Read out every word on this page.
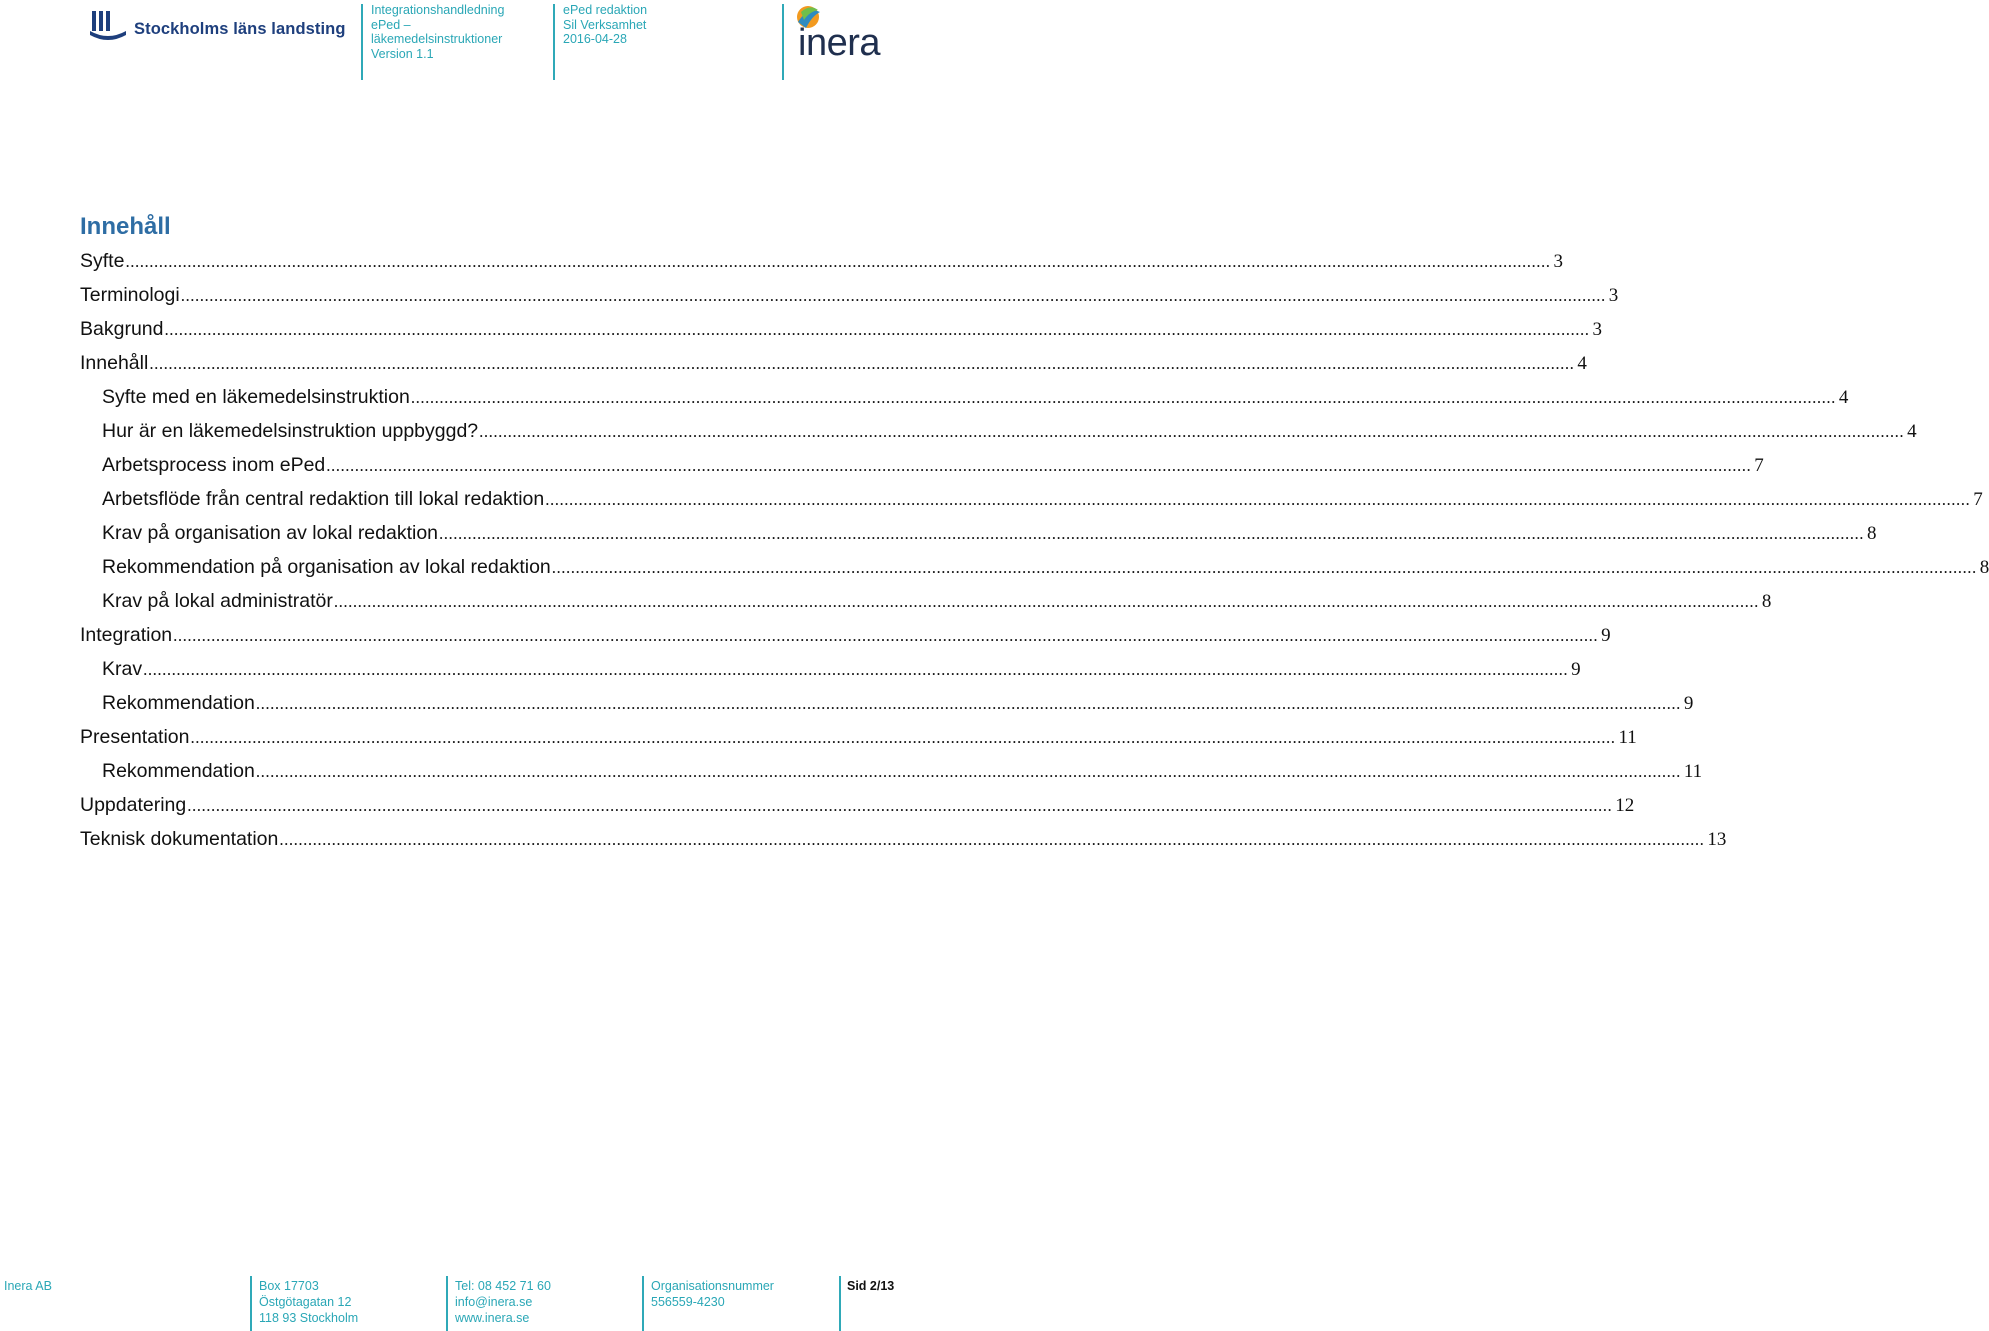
Stockholms läns landsting
Integrationshandledning
ePed –
läkemedelsinstruktioner
Version 1.1
ePed redaktion
Sil Verksamhet
2016-04-28	inera
Innehåll
Syfte ............................................................................................................................................................................................................................................................................................................ 3
Terminologi ............................................................................................................................................................................................................................................................................................................ 3
Bakgrund ............................................................................................................................................................................................................................................................................................................ 3
Innehåll ............................................................................................................................................................................................................................................................................................................ 4
Syfte med en läkemedelsinstruktion ............................................................................................................................................................................................................................................................................................................ 4
Hur är en läkemedelsinstruktion uppbyggd? ............................................................................................................................................................................................................................................................................................................ 4
Arbetsprocess inom ePed ............................................................................................................................................................................................................................................................................................................ 7
Arbetsflöde från central redaktion till lokal redaktion ............................................................................................................................................................................................................................................................................................................ 7
Krav på organisation av lokal redaktion ............................................................................................................................................................................................................................................................................................................ 8
Rekommendation på organisation av lokal redaktion ............................................................................................................................................................................................................................................................................................................ 8
Krav på lokal administratör ............................................................................................................................................................................................................................................................................................................ 8
Integration ............................................................................................................................................................................................................................................................................................................ 9
Krav ............................................................................................................................................................................................................................................................................................................ 9
Rekommendation ............................................................................................................................................................................................................................................................................................................ 9
Presentation ............................................................................................................................................................................................................................................................................................................ 11
Rekommendation ............................................................................................................................................................................................................................................................................................................ 11
Uppdatering ............................................................................................................................................................................................................................................................................................................ 12
Teknisk dokumentation ............................................................................................................................................................................................................................................................................................................ 13
Inera AB	Box 17703
Östgötagatan 12
118 93 Stockholm
Tel: 08 452 71 60
info@inera.se
www.inera.se
Organisationsnummer
556559-4230
Sid 2/13
